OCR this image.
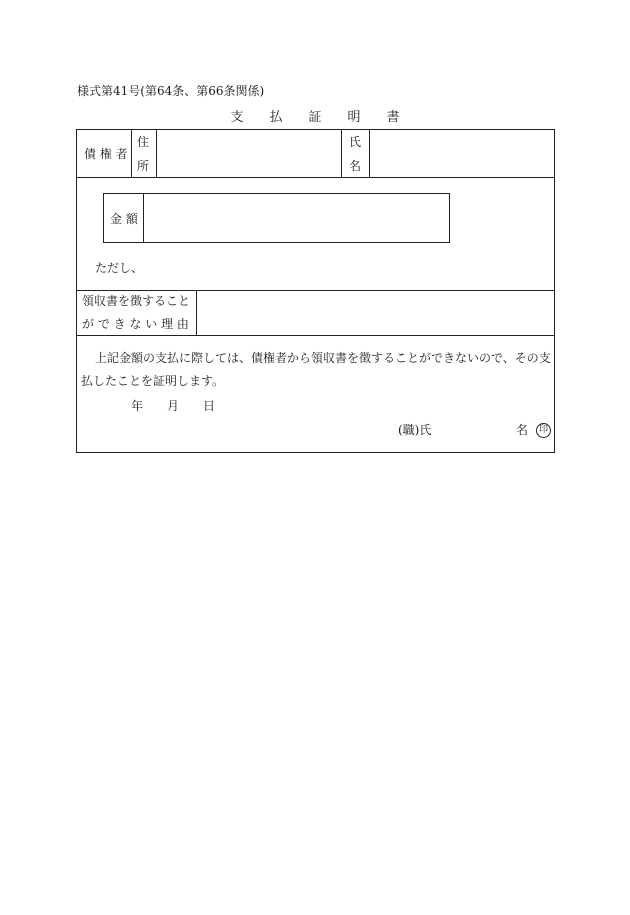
様式第41号(第64条、第66条関係)
支 払 証 明 書
債 権 者
住
所
氏
名
金 額
ただし、
領収書を徴すること
が で き な い 理 由
上記金額の支払に際しては、債権者から領収書を徴することができないので、その支
払したことを証明します。
年 月 日
(職)氏	名	印
